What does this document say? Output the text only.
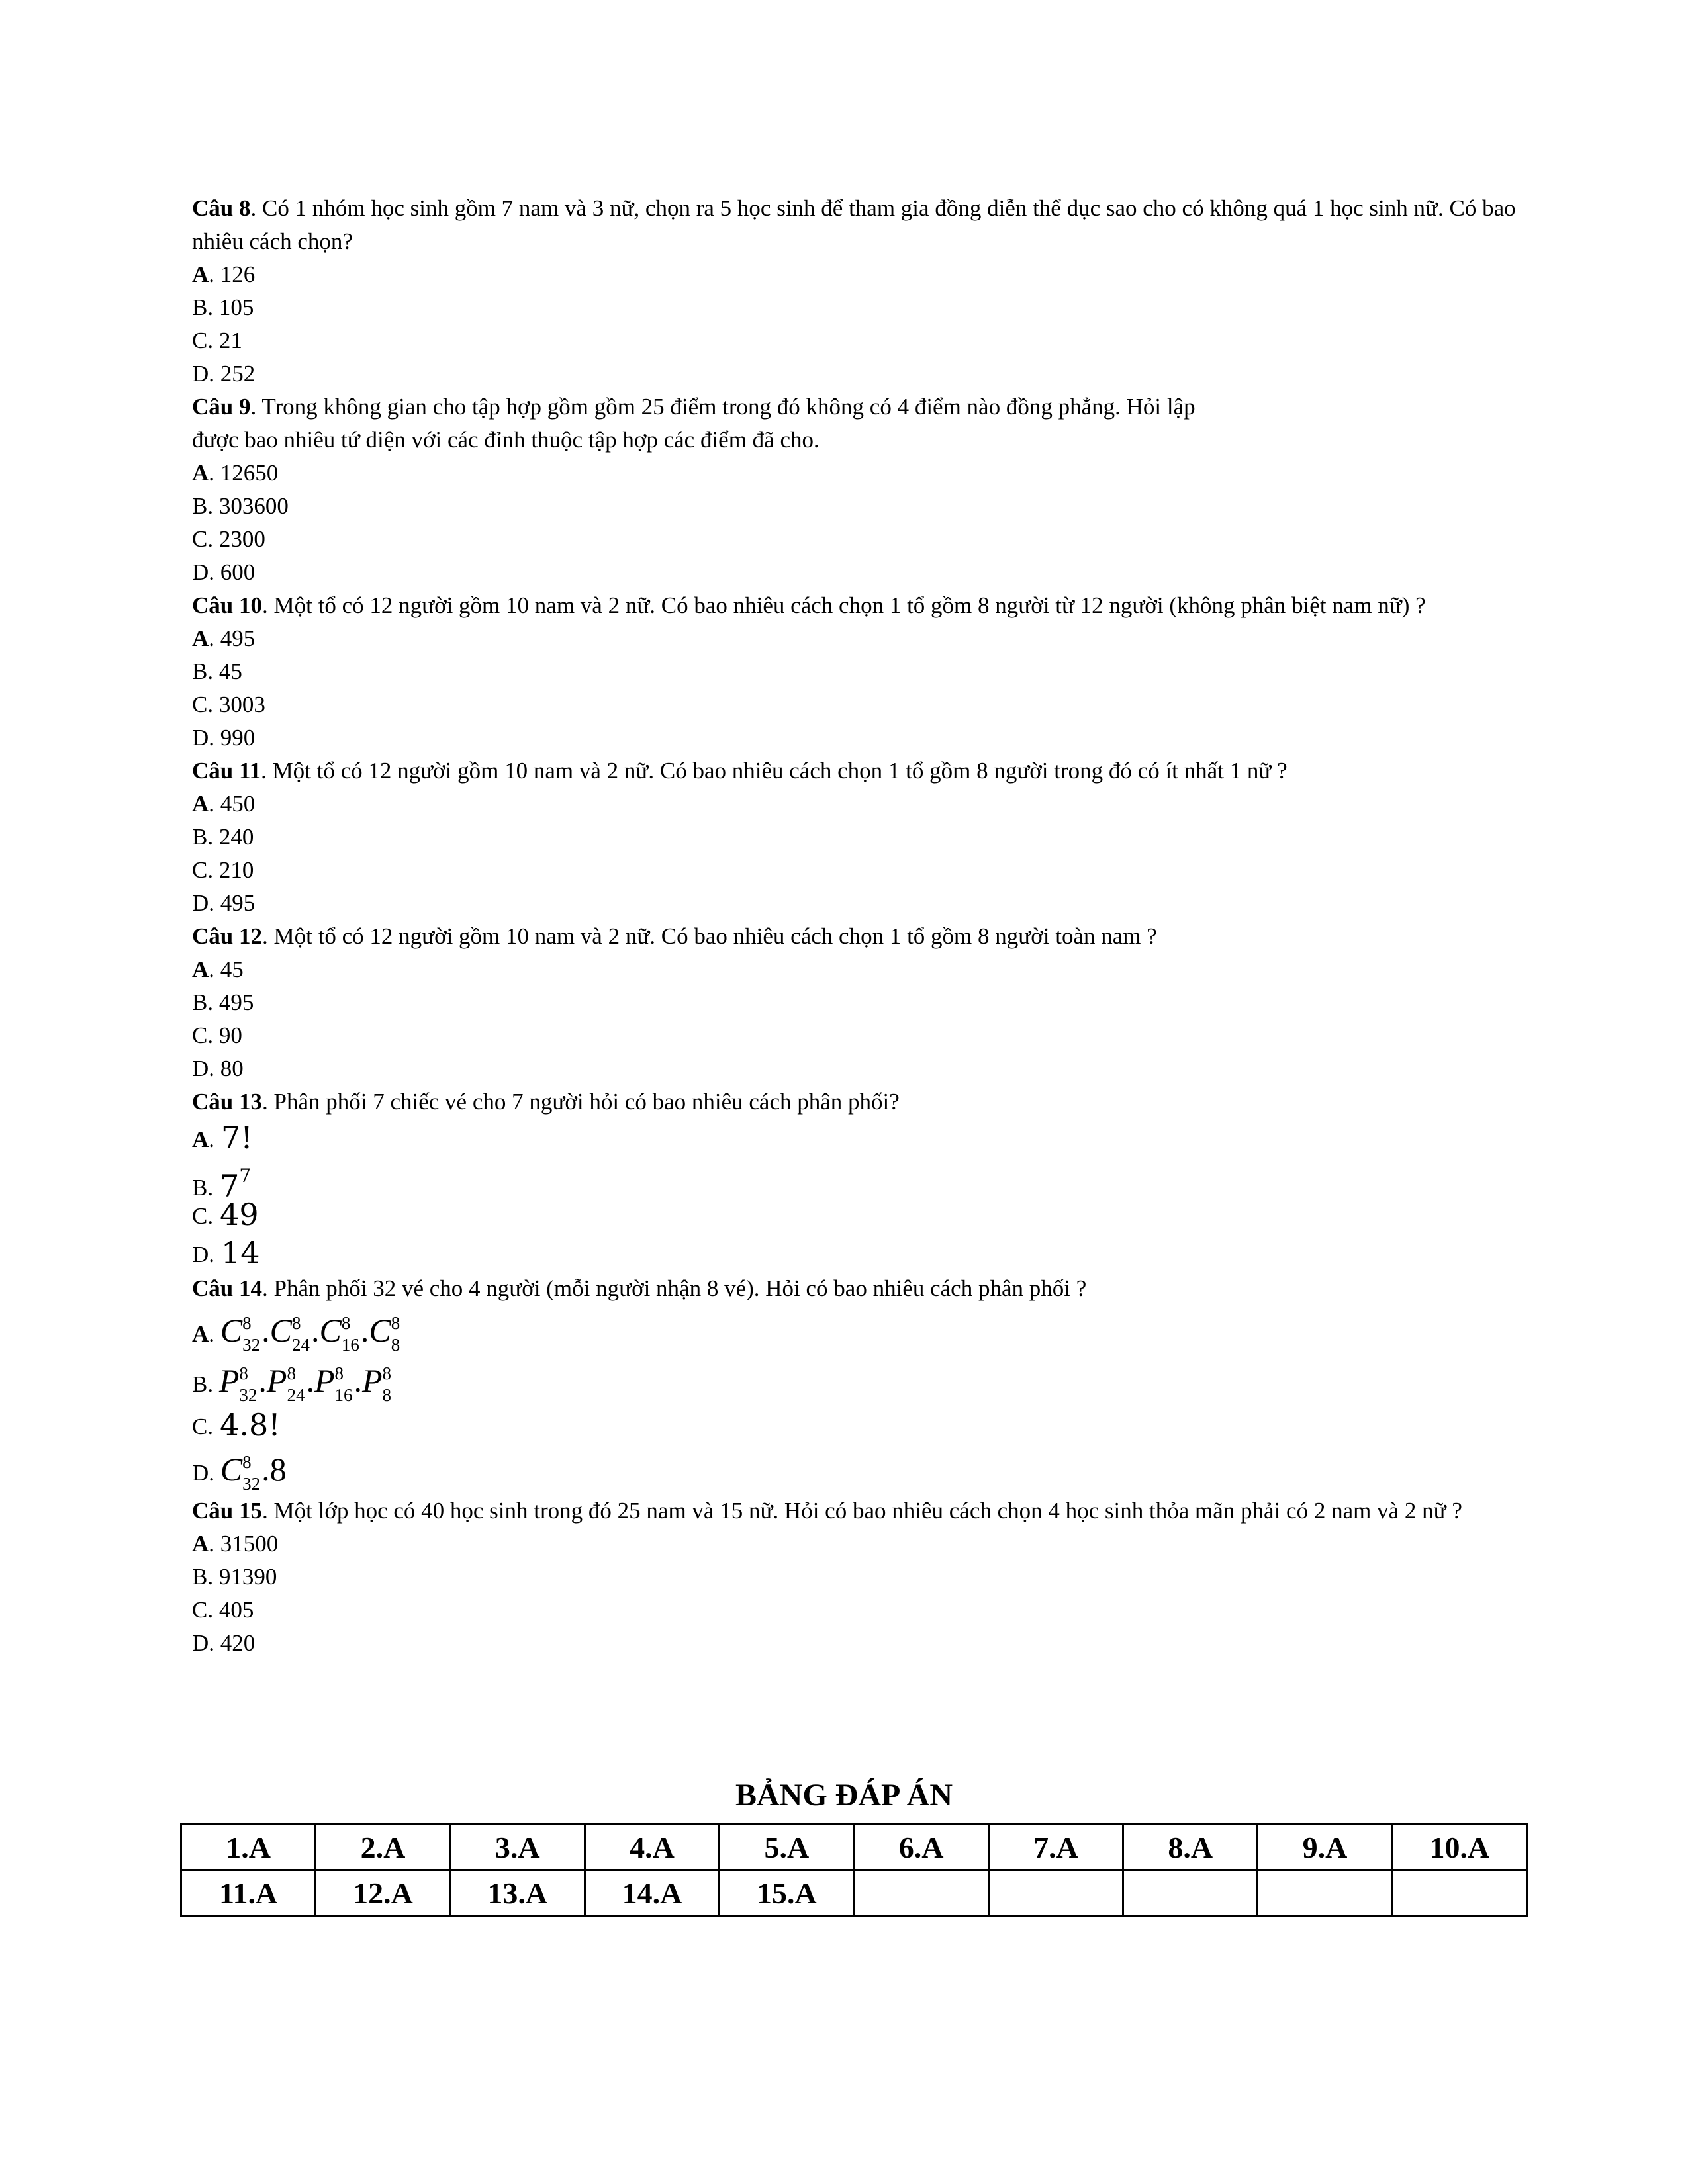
Câu 8. Có 1 nhóm học sinh gồm 7 nam và 3 nữ, chọn ra 5 học sinh để tham gia đồng diễn thể dục sao cho có không quá 1 học sinh nữ. Có bao nhiêu cách chọn?
A. 126
B. 105
C. 21
D. 252
Câu 9. Trong không gian cho tập hợp gồm gồm 25 điểm trong đó không có 4 điểm nào đồng phẳng. Hỏi lập
được bao nhiêu tứ diện với các đỉnh thuộc tập hợp các điểm đã cho.
A. 12650
B. 303600
C. 2300
D. 600
Câu 10. Một tổ có 12 người gồm 10 nam và 2 nữ. Có bao nhiêu cách chọn 1 tổ gồm 8 người từ 12 người (không phân biệt nam nữ) ?
A. 495
B. 45
C. 3003
D. 990
Câu 11. Một tổ có 12 người gồm 10 nam và 2 nữ. Có bao nhiêu cách chọn 1 tổ gồm 8 người trong đó có ít nhất 1 nữ ?
A. 450
B. 240
C. 210
D. 495
Câu 12. Một tổ có 12 người gồm 10 nam và 2 nữ. Có bao nhiêu cách chọn 1 tổ gồm 8 người toàn nam ?
A. 45
B. 495
C. 90
D. 80
Câu 13. Phân phối 7 chiếc vé cho 7 người hỏi có bao nhiêu cách phân phối?
A. 7!
B. $7^7$
C. 49
D. 14
Câu 14. Phân phối 32 vé cho 4 người (mỗi người nhận 8 vé). Hỏi có bao nhiêu cách phân phối ?
A. C 8
32 .C 8
24 .C 8
16 .C 8
8
B. P 8
32 .P 8
24 .P 8
16 .P 8
8
C. 4.8!
D. C 8
32 .8
Câu 15. Một lớp học có 40 học sinh trong đó 25 nam và 15 nữ. Hỏi có bao nhiêu cách chọn 4 học sinh thỏa mãn phải có 2 nam và 2 nữ ?
A. 31500
B. 91390
C. 405
D. 420
BẢNG ĐÁP ÁN
1.A	2.A	3.A	4.A	5.A	6.A	7.A	8.A	9.A	10.A
11.A	12.A	13.A	14.A	15.A					
